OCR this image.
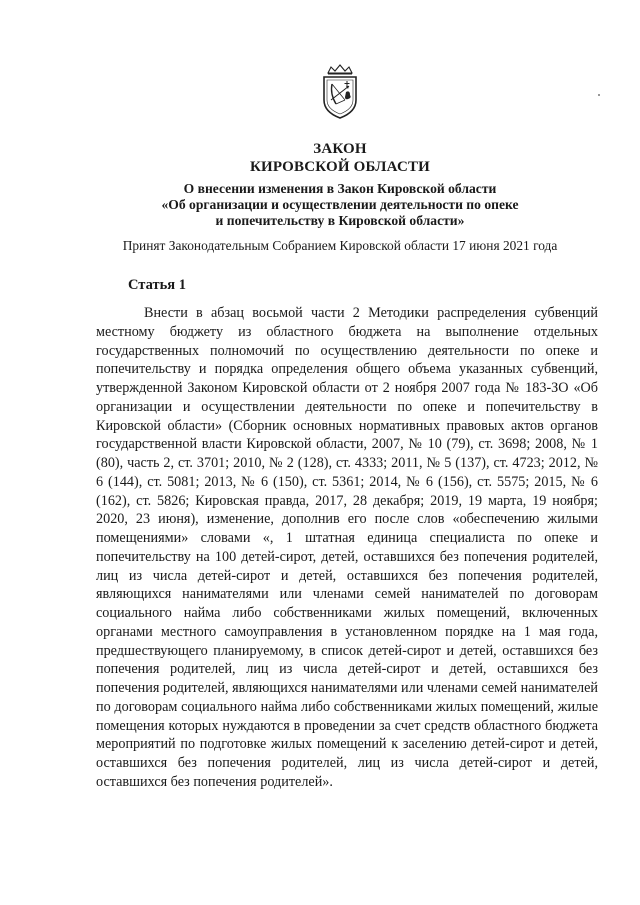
ЗАКОН
КИРОВСКОЙ ОБЛАСТИ
О внесении изменения в Закон Кировской области
«Об организации и осуществлении деятельности по опеке
и попечительству в Кировской области»
Принят Законодательным Собранием Кировской области 17 июня 2021 года
Статья 1

Внести в абзац восьмой части 2 Методики распределения субвенций местному бюджету из областного бюджета на выполнение отдельных государственных полномочий по осуществлению деятельности по опеке и попечительству и порядка определения общего объема указанных субвенций, утвержденной Законом Кировской области от 2 ноября 2007 года № 183-ЗО «Об организации и осуществлении деятельности по опеке и попечительству в Кировской области» (Сборник основных нормативных правовых актов органов государственной власти Кировской области, 2007, № 10 (79), ст. 3698; 2008, № 1 (80), часть 2, ст. 3701; 2010, № 2 (128), ст. 4333; 2011, № 5 (137), ст. 4723; 2012, № 6 (144), ст. 5081; 2013, № 6 (150), ст. 5361; 2014, № 6 (156), ст. 5575; 2015, № 6 (162), ст. 5826; Кировская правда, 2017, 28 декабря; 2019, 19 марта, 19 ноября; 2020, 23 июня), изменение, дополнив его после слов «обеспечению жилыми помещениями» словами «, 1 штатная единица специалиста по опеке и попечительству на 100 детей-сирот, детей, оставшихся без попечения родителей, лиц из числа детей-сирот и детей, оставшихся без попечения родителей, являющихся нанимателями или членами семей нанимателей по договорам социального найма либо собственниками жилых помещений, включенных органами местного самоуправления в установленном порядке на 1 мая года, предшествующего планируемому, в список детей-сирот и детей, оставшихся без попечения родителей, лиц из числа детей-сирот и детей, оставшихся без попечения родителей, являющихся нанимателями или членами семей нанимателей по договорам социального найма либо собственниками жилых помещений, жилые помещения которых нуждаются в проведении за счет средств областного бюджета мероприятий по подготовке жилых помещений к заселению детей-сирот и детей, оставшихся без попечения родителей, лиц из числа детей-сирот и детей, оставшихся без попечения родителей».
